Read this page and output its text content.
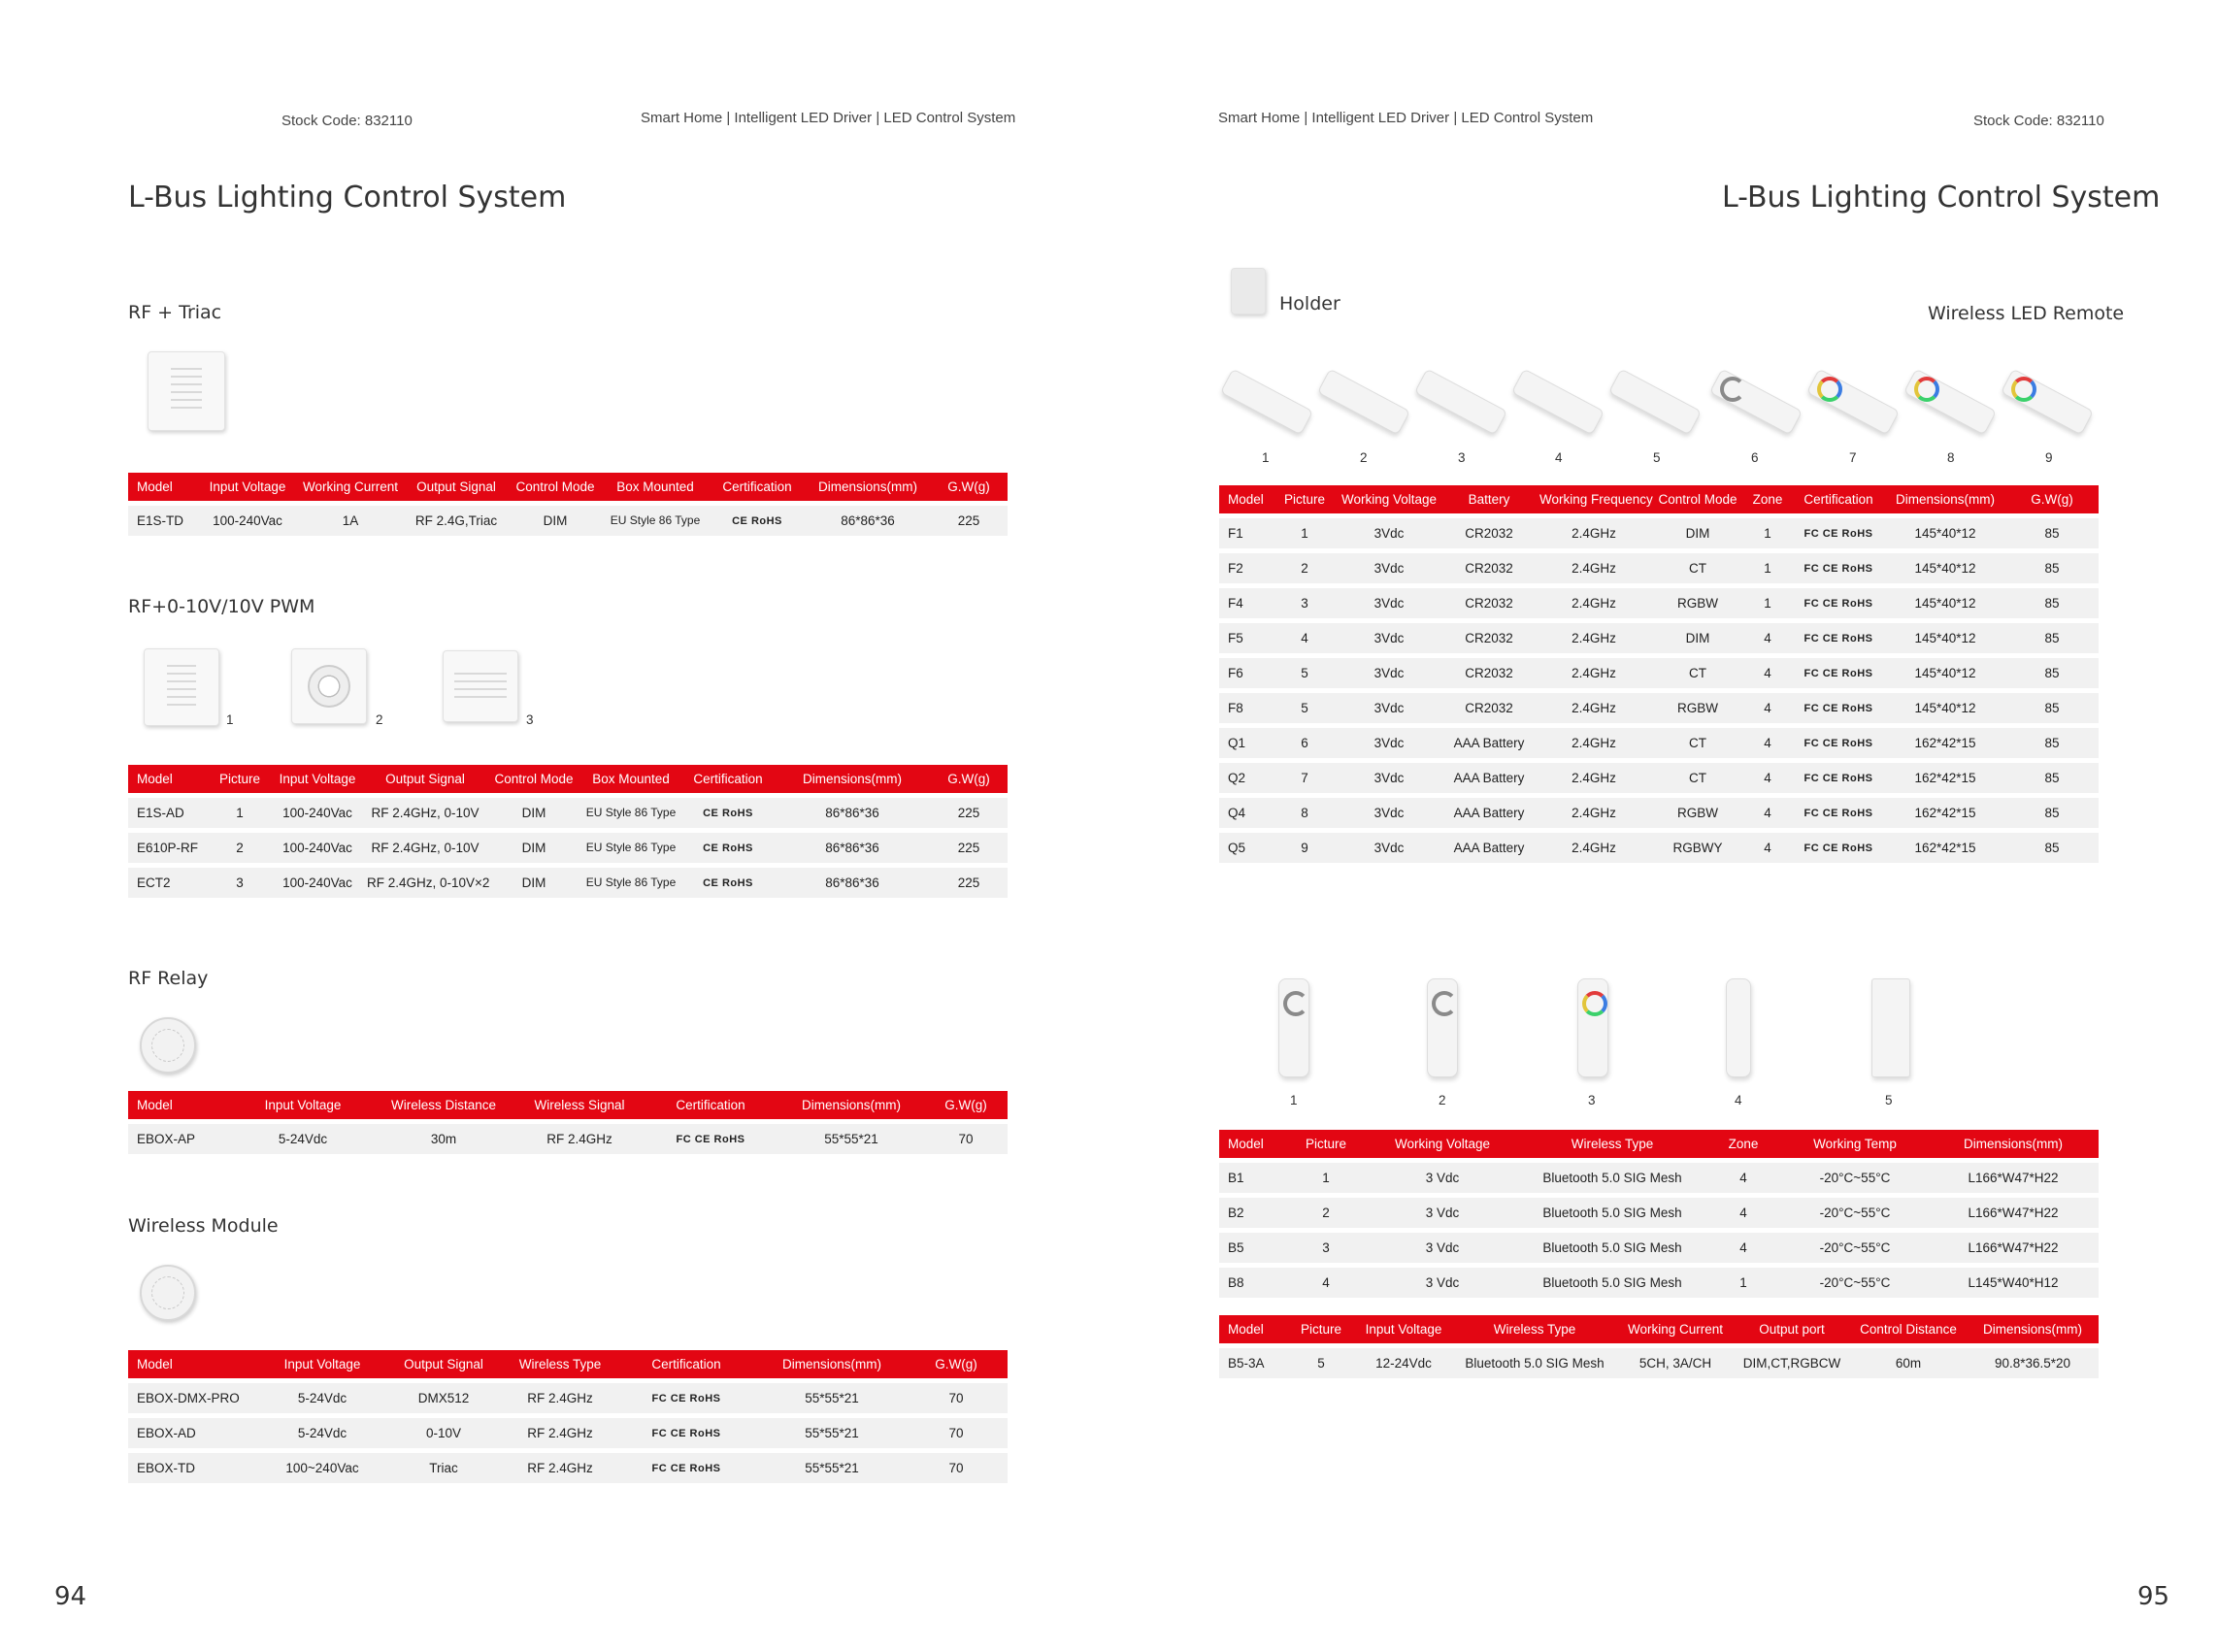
Stock Code: 832110	Smart Home | Intelligent LED Driver | LED Control System
L-Bus Lighting Control System
RF + Triac
Model	Input Voltage	Working Current	Output Signal	Control Mode	Box Mounted	Certification	Dimensions(mm)	G.W(g)
E1S-TD	100-240Vac	1A	RF 2.4G,Triac	DIM	EU Style 86 Type	CE RoHS	86*86*36	225
RF+0-10V/10V PWM
1	2	3
Model	Picture	Input Voltage	Output Signal	Control Mode	Box Mounted	Certification	Dimensions(mm)	G.W(g)
E1S-AD	1	100-240Vac	RF 2.4GHz, 0-10V	DIM	EU Style 86 Type	CE RoHS	86*86*36	225
E610P-RF	2	100-240Vac	RF 2.4GHz, 0-10V	DIM	EU Style 86 Type	CE RoHS	86*86*36	225
ECT2	3	100-240Vac	RF 2.4GHz, 0-10V×2	DIM	EU Style 86 Type	CE RoHS	86*86*36	225
RF Relay
Model	Input Voltage	Wireless Distance	Wireless Signal	Certification	Dimensions(mm)	G.W(g)
EBOX-AP	5-24Vdc	30m	RF 2.4GHz	FC CE RoHS	55*55*21	70
Wireless Module
Model	Input Voltage	Output Signal	Wireless Type	Certification	Dimensions(mm)	G.W(g)
EBOX-DMX-PRO	5-24Vdc	DMX512	RF 2.4GHz	FC CE RoHS	55*55*21	70
EBOX-AD	5-24Vdc	0-10V	RF 2.4GHz	FC CE RoHS	55*55*21	70
EBOX-TD	100~240Vac	Triac	RF 2.4GHz	FC CE RoHS	55*55*21	70
94
Smart Home | Intelligent LED Driver | LED Control System	Stock Code: 832110
L-Bus Lighting Control System
Holder	Wireless LED Remote
1	2	3	4	5	6	7	8	9
Model	Picture	Working Voltage	Battery	Working Frequency	Control Mode	Zone	Certification	Dimensions(mm)	G.W(g)
F1	1	3Vdc	CR2032	2.4GHz	DIM	1	FC CE RoHS	145*40*12	85
F2	2	3Vdc	CR2032	2.4GHz	CT	1	FC CE RoHS	145*40*12	85
F4	3	3Vdc	CR2032	2.4GHz	RGBW	1	FC CE RoHS	145*40*12	85
F5	4	3Vdc	CR2032	2.4GHz	DIM	4	FC CE RoHS	145*40*12	85
F6	5	3Vdc	CR2032	2.4GHz	CT	4	FC CE RoHS	145*40*12	85
F8	5	3Vdc	CR2032	2.4GHz	RGBW	4	FC CE RoHS	145*40*12	85
Q1	6	3Vdc	AAA Battery	2.4GHz	CT	4	FC CE RoHS	162*42*15	85
Q2	7	3Vdc	AAA Battery	2.4GHz	CT	4	FC CE RoHS	162*42*15	85
Q4	8	3Vdc	AAA Battery	2.4GHz	RGBW	4	FC CE RoHS	162*42*15	85
Q5	9	3Vdc	AAA Battery	2.4GHz	RGBWY	4	FC CE RoHS	162*42*15	85
1	2	3	4	5
Model	Picture	Working Voltage	Wireless Type	Zone	Working Temp	Dimensions(mm)
B1	1	3 Vdc	Bluetooth 5.0 SIG Mesh	4	-20°C~55°C	L166*W47*H22
B2	2	3 Vdc	Bluetooth 5.0 SIG Mesh	4	-20°C~55°C	L166*W47*H22
B5	3	3 Vdc	Bluetooth 5.0 SIG Mesh	4	-20°C~55°C	L166*W47*H22
B8	4	3 Vdc	Bluetooth 5.0 SIG Mesh	1	-20°C~55°C	L145*W40*H12
Model	Picture	Input Voltage	Wireless Type	Working Current	Output port	Control Distance	Dimensions(mm)
B5-3A	5	12-24Vdc	Bluetooth 5.0 SIG Mesh	5CH, 3A/CH	DIM,CT,RGBCW	60m	90.8*36.5*20
95
